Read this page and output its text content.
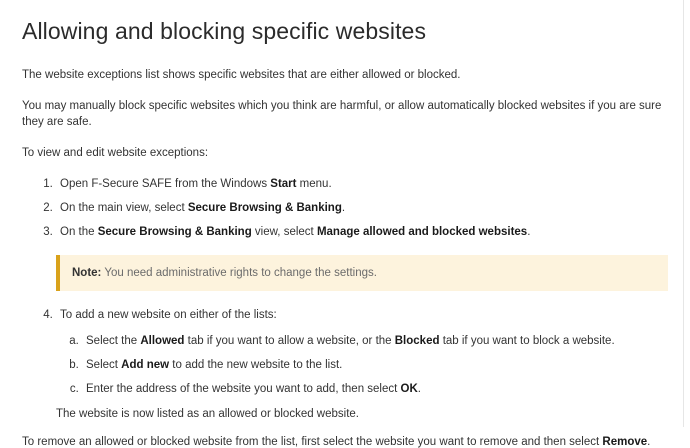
Allowing and blocking specific websites

The website exceptions list shows specific websites that are either allowed or blocked.

You may manually block specific websites which you think are harmful, or allow automatically blocked websites if you are sure they are safe.

To view and edit website exceptions:

1. Open F-Secure SAFE from the Windows Start menu.
2. On the main view, select Secure Browsing & Banking.
3. On the Secure Browsing & Banking view, select Manage allowed and blocked websites.
Note: You need administrative rights to change the settings.
4. To add a new website on either of the lists:
a. Select the Allowed tab if you want to allow a website, or the Blocked tab if you want to block a website.
b. Select Add new to add the new website to the list.
c. Enter the address of the website you want to add, then select OK.
The website is now listed as an allowed or blocked website.

To remove an allowed or blocked website from the list, first select the website you want to remove and then select Remove.
